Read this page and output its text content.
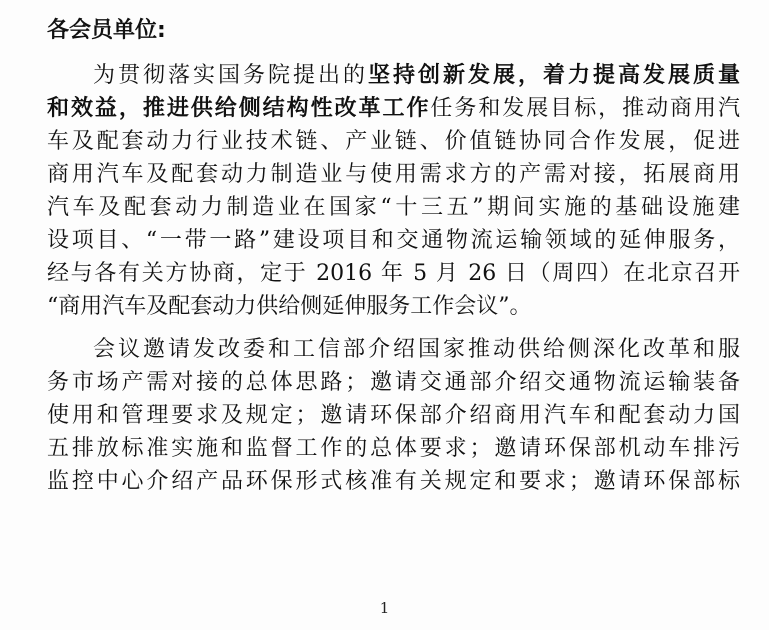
各会员单位:
为贯彻落实国务院提出的坚持创新发展，着力提高发展质量
和效益，推进供给侧结构性改革工作任务和发展目标，推动商用汽
车及配套动力行业技术链、产业链、价值链协同合作发展，促进
商用汽车及配套动力制造业与使用需求方的产需对接，拓展商用
汽车及配套动力制造业在国家“十三五”期间实施的基础设施建
设项目、“一带一路”建设项目和交通物流运输领域的延伸服务，
经与各有关方协商，定于 2016 年 5 月 26 日（周四）在北京召开
“商用汽车及配套动力供给侧延伸服务工作会议”。
会议邀请发改委和工信部介绍国家推动供给侧深化改革和服
务市场产需对接的总体思路；邀请交通部介绍交通物流运输装备
使用和管理要求及规定；邀请环保部介绍商用汽车和配套动力国
五排放标准实施和监督工作的总体要求；邀请环保部机动车排污
监控中心介绍产品环保形式核准有关规定和要求；邀请环保部标
1
